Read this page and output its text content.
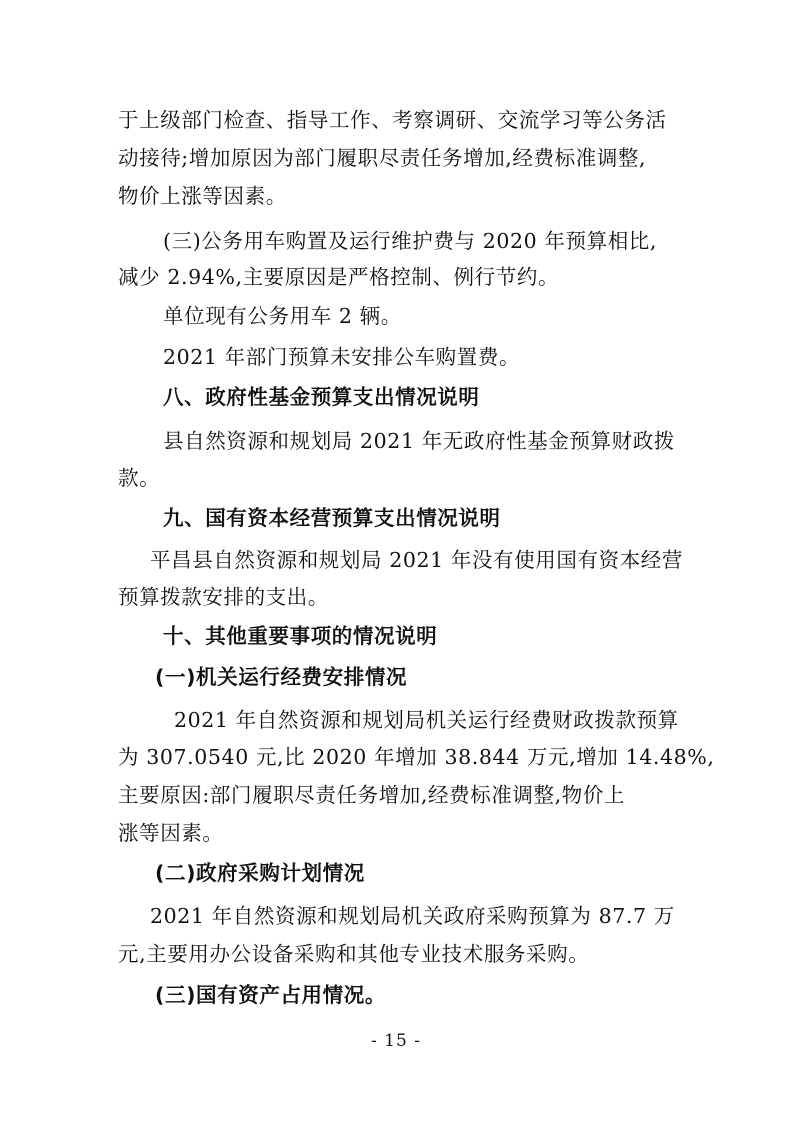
于上级部门检查、指导工作、考察调研、交流学习等公务活
动接待;增加原因为部门履职尽责任务增加,经费标准调整,
物价上涨等因素。
(三)公务用车购置及运行维护费与 2020 年预算相比,
减少 2.94%,主要原因是严格控制、例行节约。
单位现有公务用车 2 辆。
2021 年部门预算未安排公车购置费。
八、政府性基金预算支出情况说明
县自然资源和规划局 2021 年无政府性基金预算财政拨
款。
九、国有资本经营预算支出情况说明
平昌县自然资源和规划局 2021 年没有使用国有资本经营
预算拨款安排的支出。
十、其他重要事项的情况说明
(一)机关运行经费安排情况
2021 年自然资源和规划局机关运行经费财政拨款预算
为 307.0540 元,比 2020 年增加 38.844 万元,增加 14.48%,
主要原因:部门履职尽责任务增加,经费标准调整,物价上
涨等因素。
(二)政府采购计划情况
2021 年自然资源和规划局机关政府采购预算为 87.7 万
元,主要用办公设备采购和其他专业技术服务采购。
(三)国有资产占用情况。
- 15 -
